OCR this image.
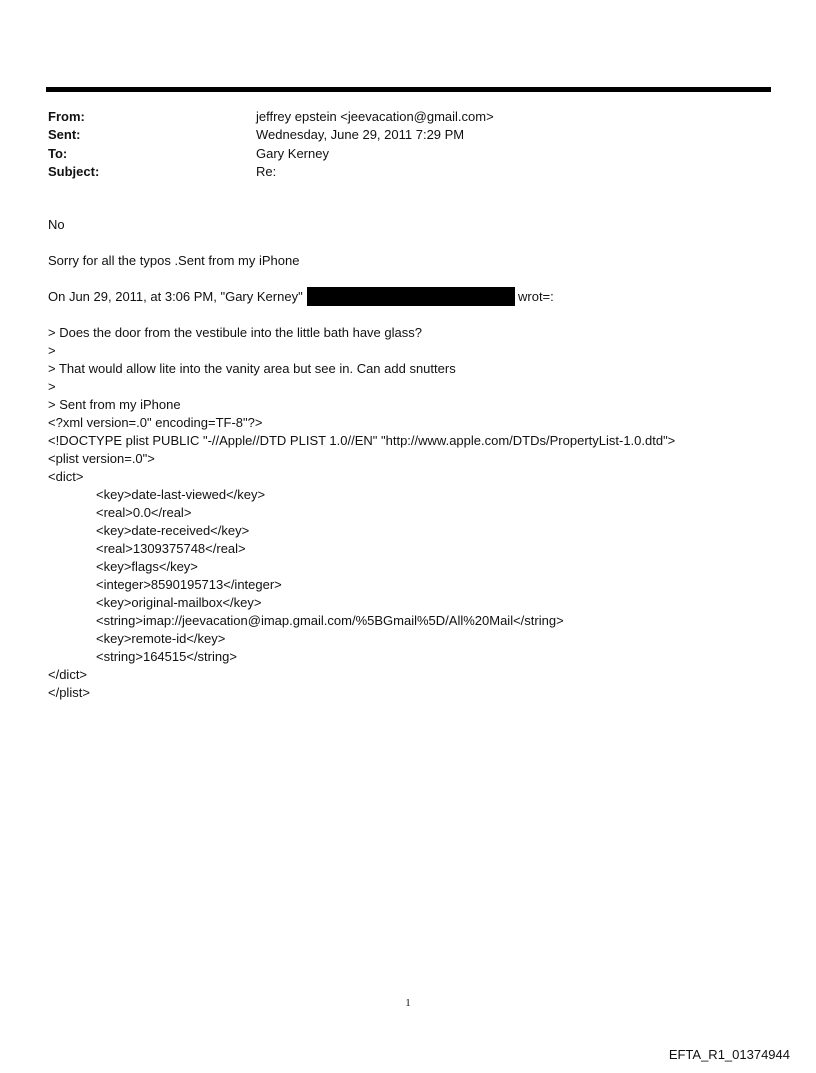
From:	jeffrey epstein <jeevacation@gmail.com>
Sent:	Wednesday, June 29, 2011 7:29 PM
To:	Gary Kerney
Subject:	Re:
No
Sorry for all the typos .Sent from my iPhone
On Jun 29, 2011, at 3:06 PM, "Gary Kerney"	wrot=:
> Does the door from the vestibule into the little bath have glass?
>
> That would allow lite into the vanity area but see in. Can add snutters
>
> Sent from my iPhone
<?xml version=.0" encoding=TF-8"?>
<!DOCTYPE plist PUBLIC "-//Apple//DTD PLIST 1.0//EN" "http://www.apple.com/DTDs/PropertyList-1.0.dtd">
<plist version=.0">
<dict>
<key>date-last-viewed</key>
<real>0.0</real>
<key>date-received</key>
<real>1309375748</real>
<key>flags</key>
<integer>8590195713</integer>
<key>original-mailbox</key>
<string>imap://jeevacation@imap.gmail.com/%5BGmail%5D/All%20Mail</string>
<key>remote-id</key>
<string>164515</string>
</dict>
</plist>
1
EFTA_R1_01374944
